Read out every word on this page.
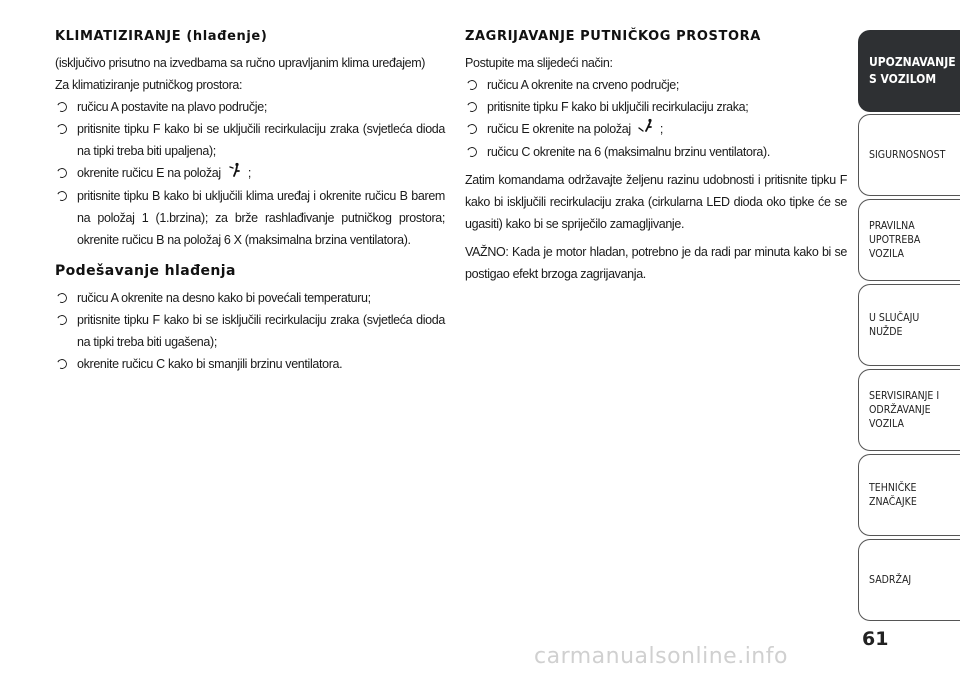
KLIMATIZIRANJE (hlađenje)
(isključivo prisutno na izvedbama sa ručno upravljanim klima uređajem)
Za klimatiziranje putničkog prostora:
ručicu A postavite na plavo područje;
pritisnite tipku F kako bi se uključili recirkulaciju zraka (svjetleća dioda na tipki treba biti upaljena);
okrenite ručicu E na položaj ;
pritisnite tipku B kako bi uključili klima uređaj i okrenite ručicu B barem na položaj 1 (1.brzina); za brže rashlađivanje putničkog prostora; okrenite ručicu B na položaj 6 X (maksimalna brzina ventilatora).
Podešavanje hlađenja
ručicu A okrenite na desno kako bi povećali temperaturu;
pritisnite tipku F kako bi se isključili recirkulaciju zraka (svjetleća dioda na tipki treba biti ugašena);
okrenite ručicu C kako bi smanjili brzinu ventilatora.
ZAGRIJAVANJE PUTNIČKOG PROSTORA
Postupite ma slijedeći način:
ručicu A okrenite na crveno područje;
pritisnite tipku F kako bi uključili recirkulaciju zraka;
ručicu E okrenite na položaj ;
ručicu C okrenite na 6 (maksimalnu brzinu ventilatora).
Zatim komandama održavajte željenu razinu udobnosti i pritisnite tipku F kako bi isključili recirkulaciju zraka (cirkularna LED dioda oko tipke će se ugasiti) kako bi se spriječilo zamagljivanje.
VAŽNO: Kada je motor hladan, potrebno je da radi par minuta kako bi se postigao efekt brzoga zagrijavanja.
UPOZNAVANJE
S VOZILOM
SIGURNOSNOST
PRAVILNA
UPOTREBA
VOZILA
U SLUČAJU
NUŽDE
SERVISIRANJE I
ODRŽAVANJE
VOZILA
TEHNIČKE
ZNAČAJKE
SADRŽAJ
61
carmanualsonline.info
